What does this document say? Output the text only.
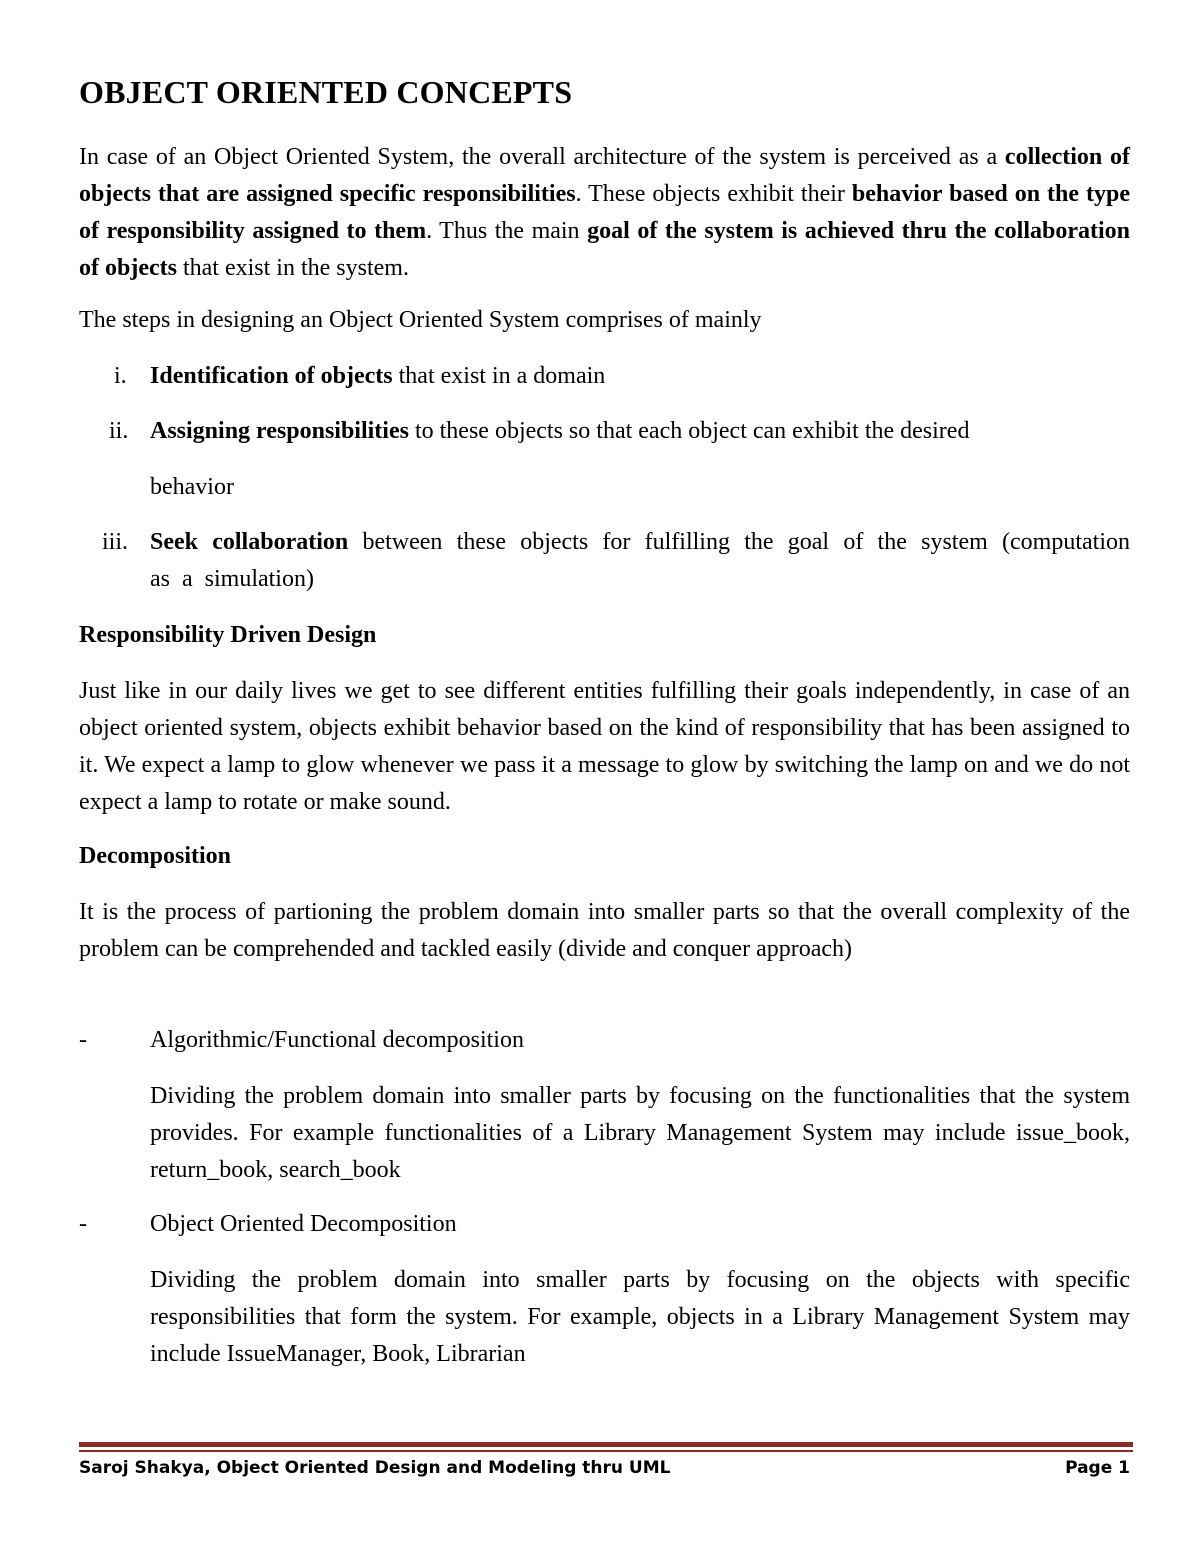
OBJECT ORIENTED CONCEPTS

In case of an Object Oriented System, the overall architecture of the system is perceived as a collection of objects that are assigned specific responsibilities. These objects exhibit their behavior based on the type of responsibility assigned to them. Thus the main goal of the system is achieved thru the collaboration of objects that exist in the system.

The steps in designing an Object Oriented System comprises of mainly

i. Identification of objects that exist in a domain

ii. Assigning responsibilities to these objects so that each object can exhibit the desired

behavior

iii. Seek collaboration between these objects for fulfilling the goal of the system (computation as a simulation)

Responsibility Driven Design

Just like in our daily lives we get to see different entities fulfilling their goals independently, in case of an object oriented system, objects exhibit behavior based on the kind of responsibility that has been assigned to it. We expect a lamp to glow whenever we pass it a message to glow by switching the lamp on and we do not expect a lamp to rotate or make sound.

Decomposition

It is the process of partioning the problem domain into smaller parts so that the overall complexity of the problem can be comprehended and tackled easily (divide and conquer approach)

-	Algorithmic/Functional decomposition

Dividing the problem domain into smaller parts by focusing on the functionalities that the system provides. For example functionalities of a Library Management System may include issue_book, return_book, search_book

-	Object Oriented Decomposition

Dividing the problem domain into smaller parts by focusing on the objects with specific responsibilities that form the system. For example, objects in a Library Management System may include IssueManager, Book, Librarian

Saroj Shakya, Object Oriented Design and Modeling thru UML	Page 1
